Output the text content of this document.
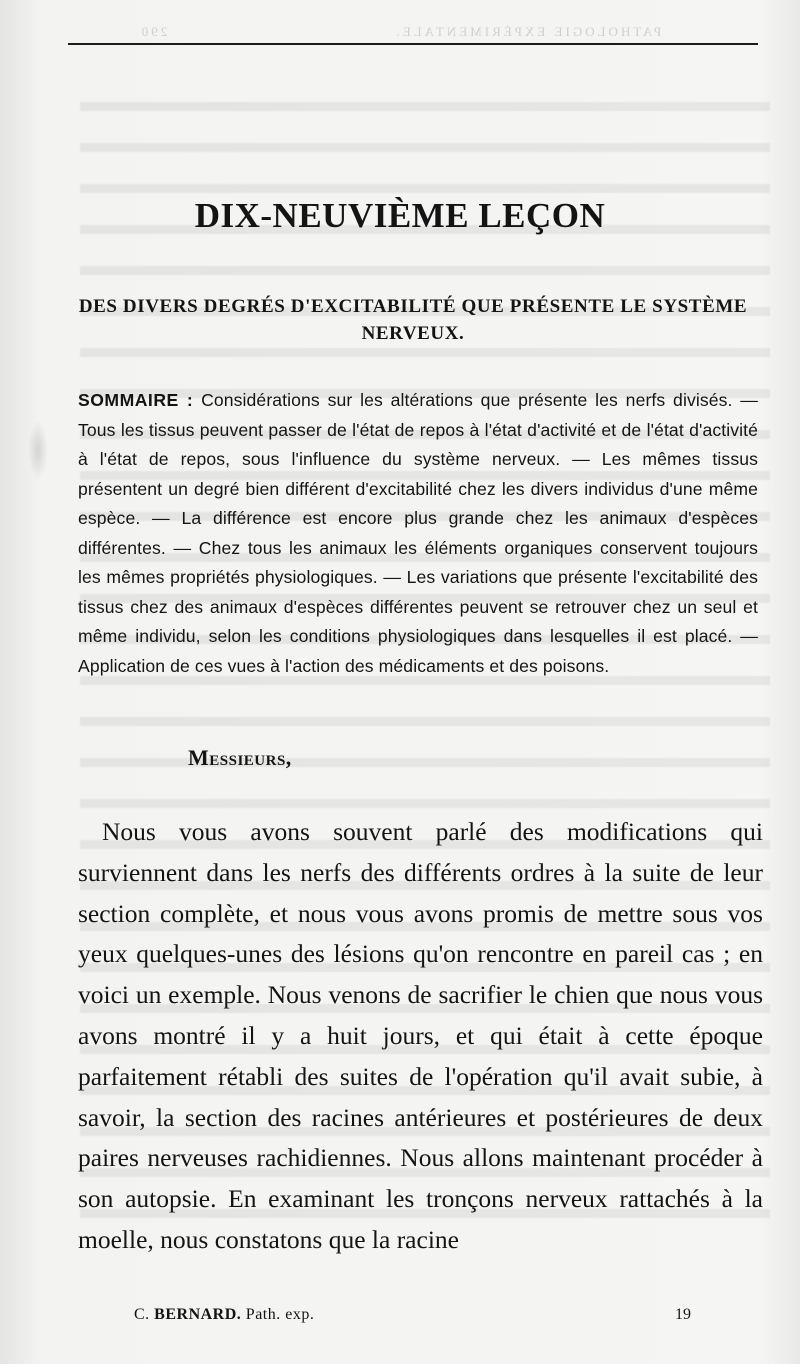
PATHOLOGIE EXPÉRIMENTALE. 290
DIX-NEUVIÈME LEÇON
DES DIVERS DEGRÉS D'EXCITABILITÉ QUE PRÉSENTE LE SYSTÈME NERVEUX.
SOMMAIRE : Considérations sur les altérations que présente les nerfs divisés. — Tous les tissus peuvent passer de l'état de repos à l'état d'activité et de l'état d'activité à l'état de repos, sous l'influence du système nerveux. — Les mêmes tissus présentent un degré bien différent d'excitabilité chez les divers individus d'une même espèce. — La différence est encore plus grande chez les animaux d'espèces différentes. — Chez tous les animaux les éléments organiques conservent toujours les mêmes propriétés physiologiques. — Les variations que présente l'excitabilité des tissus chez des animaux d'espèces différentes peuvent se retrouver chez un seul et même individu, selon les conditions physiologiques dans lesquelles il est placé. — Application de ces vues à l'action des médicaments et des poisons.
Messieurs,
Nous vous avons souvent parlé des modifications qui surviennent dans les nerfs des différents ordres à la suite de leur section complète, et nous vous avons promis de mettre sous vos yeux quelques-unes des lésions qu'on rencontre en pareil cas ; en voici un exemple. Nous venons de sacrifier le chien que nous vous avons montré il y a huit jours, et qui était à cette époque parfaitement rétabli des suites de l'opération qu'il avait subie, à savoir, la section des racines antérieures et postérieures de deux paires nerveuses rachidiennes. Nous allons maintenant procéder à son autopsie. En examinant les tronçons nerveux rattachés à la moelle, nous constatons que la racine
C. BERNARD. Path. exp.	19
